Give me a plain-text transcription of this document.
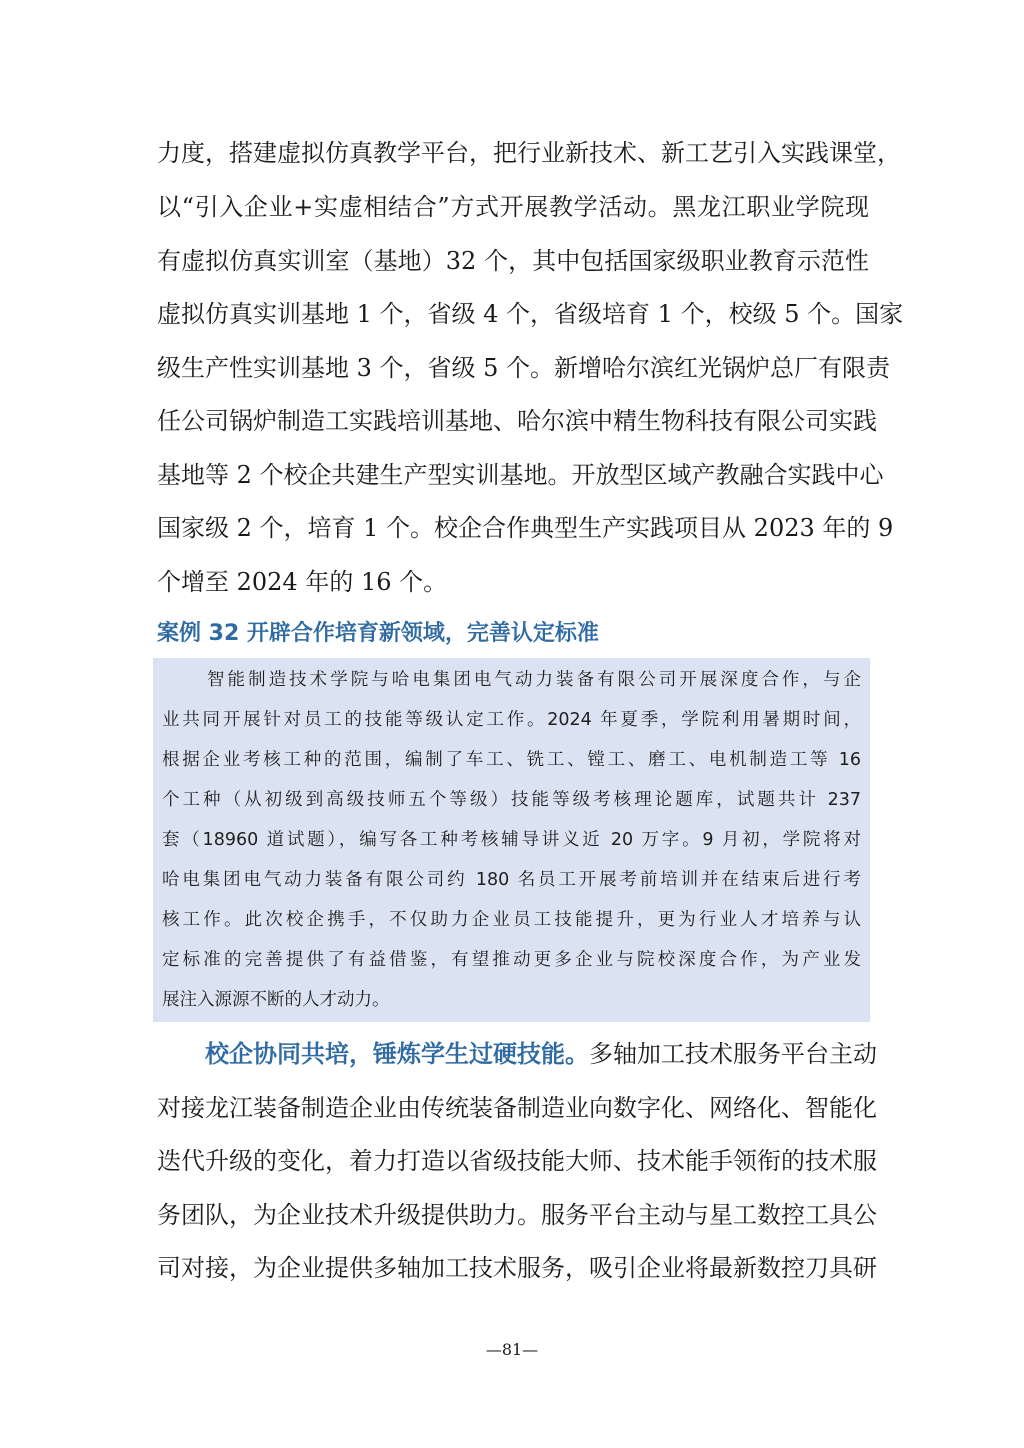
力度，搭建虚拟仿真教学平台，把行业新技术、新工艺引入实践课堂，
以“引入企业+实虚相结合”方式开展教学活动。黑龙江职业学院现
有虚拟仿真实训室（基地）32 个，其中包括国家级职业教育示范性
虚拟仿真实训基地 1 个，省级 4 个，省级培育 1 个，校级 5 个。国家
级生产性实训基地 3 个，省级 5 个。新增哈尔滨红光锅炉总厂有限责
任公司锅炉制造工实践培训基地、哈尔滨中精生物科技有限公司实践
基地等 2 个校企共建生产型实训基地。开放型区域产教融合实践中心
国家级 2 个，培育 1 个。校企合作典型生产实践项目从 2023 年的 9
个增至 2024 年的 16 个。
案例 32 开辟合作培育新领域，完善认定标准
智能制造技术学院与哈电集团电气动力装备有限公司开展深度合作，与企
业共同开展针对员工的技能等级认定工作。2024 年夏季，学院利用暑期时间，
根据企业考核工种的范围，编制了车工、铣工、镗工、磨工、电机制造工等 16
个工种（从初级到高级技师五个等级）技能等级考核理论题库，试题共计 237
套（18960 道试题），编写各工种考核辅导讲义近 20 万字。9 月初，学院将对
哈电集团电气动力装备有限公司约 180 名员工开展考前培训并在结束后进行考
核工作。此次校企携手，不仅助力企业员工技能提升，更为行业人才培养与认
定标准的完善提供了有益借鉴，有望推动更多企业与院校深度合作，为产业发
展注入源源不断的人才动力。
校企协同共培，锤炼学生过硬技能。多轴加工技术服务平台主动
对接龙江装备制造企业由传统装备制造业向数字化、网络化、智能化
迭代升级的变化，着力打造以省级技能大师、技术能手领衔的技术服
务团队，为企业技术升级提供助力。服务平台主动与星工数控工具公
司对接，为企业提供多轴加工技术服务，吸引企业将最新数控刀具研
—81—
